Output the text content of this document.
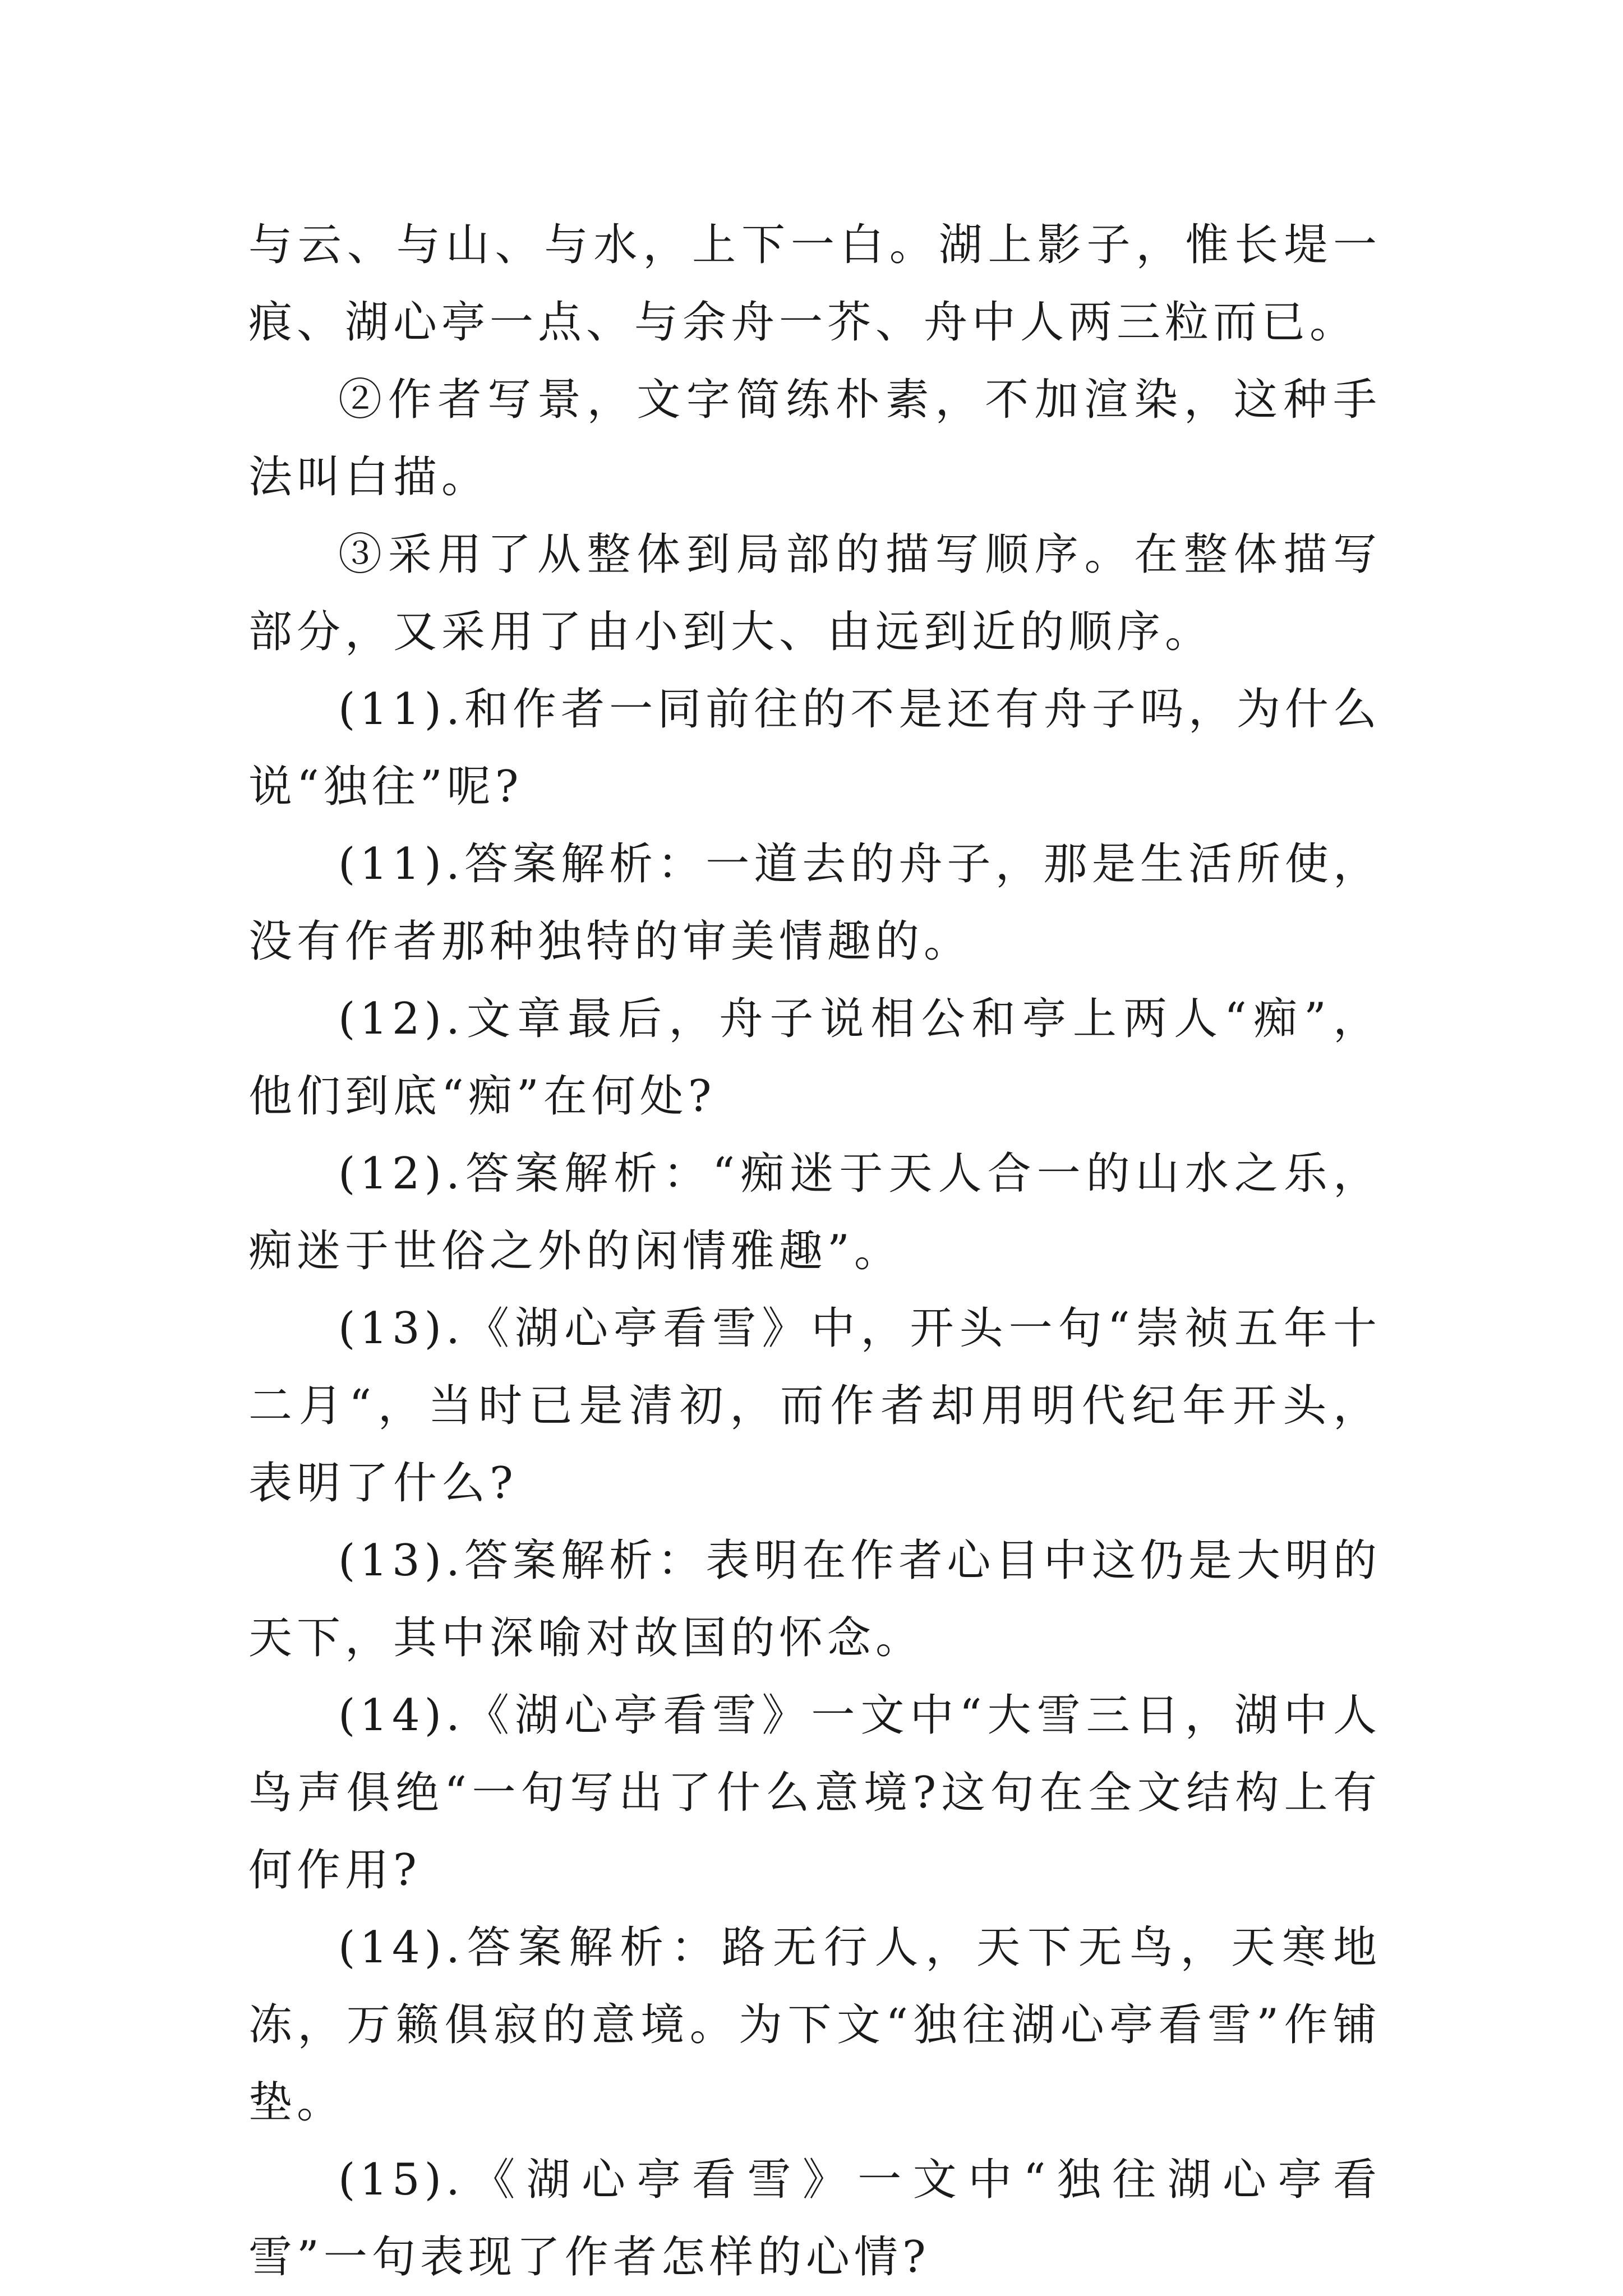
与云、与山、与水，上下一白。湖上影子，惟长堤一痕、湖心亭一点、与余舟一芥、舟中人两三粒而已。

②作者写景，文字简练朴素，不加渲染，这种手法叫白描。

③采用了从整体到局部的描写顺序。在整体描写部分，又采用了由小到大、由远到近的顺序。

(11).和作者一同前往的不是还有舟子吗，为什么说“独往”呢?

(11).答案解析：一道去的舟子，那是生活所使，没有作者那种独特的审美情趣的。

(12).文章最后，舟子说相公和亭上两人“痴”，他们到底“痴”在何处?

(12).答案解析：“痴迷于天人合一的山水之乐，痴迷于世俗之外的闲情雅趣”。

(13).《湖心亭看雪》中，开头一句“崇祯五年十二月“，当时已是清初，而作者却用明代纪年开头，表明了什么?

(13).答案解析：表明在作者心目中这仍是大明的天下，其中深喻对故国的怀念。

(14).《湖心亭看雪》一文中“大雪三日，湖中人鸟声俱绝“一句写出了什么意境?这句在全文结构上有何作用?

(14).答案解析：路无行人，天下无鸟，天寒地冻，万籁俱寂的意境。为下文“独往湖心亭看雪”作铺垫。

(15).《湖心亭看雪》一文中“独往湖心亭看雪”一句表现了作者怎样的心情?
